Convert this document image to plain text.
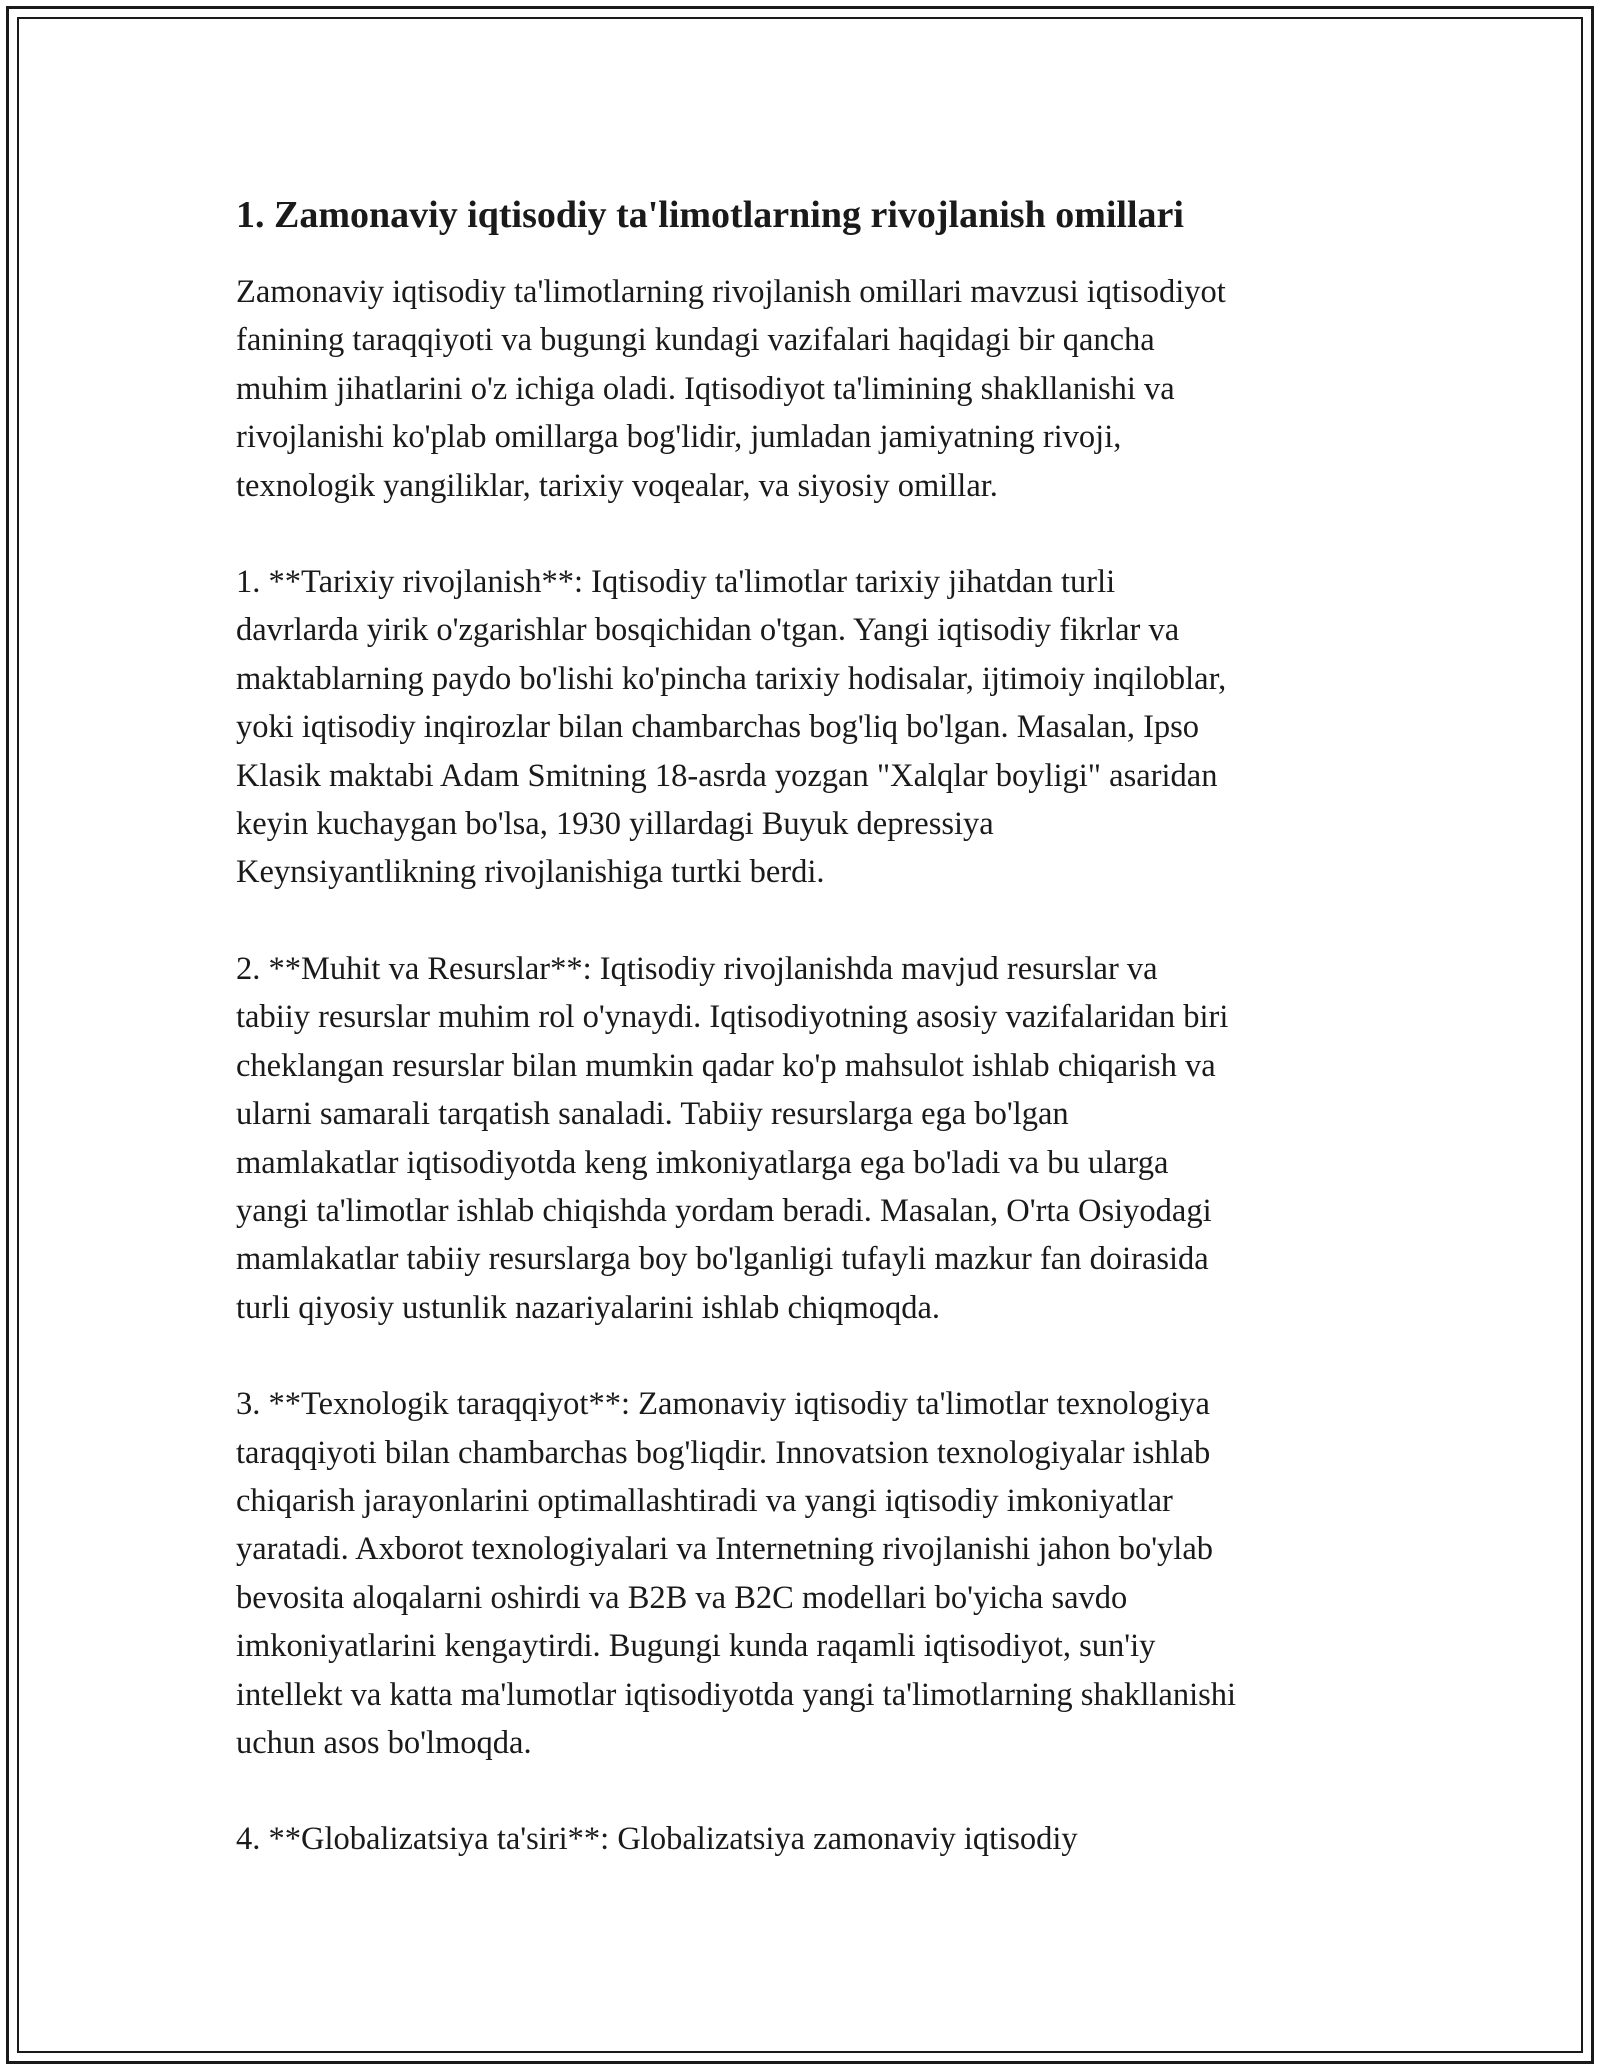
1. Zamonaviy iqtisodiy ta'limotlarning rivojlanish omillari

Zamonaviy iqtisodiy ta'limotlarning rivojlanish omillari mavzusi iqtisodiyot
fanining taraqqiyoti va bugungi kundagi vazifalari haqidagi bir qancha
muhim jihatlarini o'z ichiga oladi. Iqtisodiyot ta'limining shakllanishi va
rivojlanishi ko'plab omillarga bog'lidir, jumladan jamiyatning rivoji,
texnologik yangiliklar, tarixiy voqealar, va siyosiy omillar.

1. **Tarixiy rivojlanish**: Iqtisodiy ta'limotlar tarixiy jihatdan turli
davrlarda yirik o'zgarishlar bosqichidan o'tgan. Yangi iqtisodiy fikrlar va
maktablarning paydo bo'lishi ko'pincha tarixiy hodisalar, ijtimoiy inqiloblar,
yoki iqtisodiy inqirozlar bilan chambarchas bog'liq bo'lgan. Masalan, Ipso
Klasik maktabi Adam Smitning 18-asrda yozgan "Xalqlar boyligi" asaridan
keyin kuchaygan bo'lsa, 1930 yillardagi Buyuk depressiya
Keynsiyantlikning rivojlanishiga turtki berdi.

2. **Muhit va Resurslar**: Iqtisodiy rivojlanishda mavjud resurslar va
tabiiy resurslar muhim rol o'ynaydi. Iqtisodiyotning asosiy vazifalaridan biri
cheklangan resurslar bilan mumkin qadar ko'p mahsulot ishlab chiqarish va
ularni samarali tarqatish sanaladi. Tabiiy resurslarga ega bo'lgan
mamlakatlar iqtisodiyotda keng imkoniyatlarga ega bo'ladi va bu ularga
yangi ta'limotlar ishlab chiqishda yordam beradi. Masalan, O'rta Osiyodagi
mamlakatlar tabiiy resurslarga boy bo'lganligi tufayli mazkur fan doirasida
turli qiyosiy ustunlik nazariyalarini ishlab chiqmoqda.

3. **Texnologik taraqqiyot**: Zamonaviy iqtisodiy ta'limotlar texnologiya
taraqqiyoti bilan chambarchas bog'liqdir. Innovatsion texnologiyalar ishlab
chiqarish jarayonlarini optimallashtiradi va yangi iqtisodiy imkoniyatlar
yaratadi. Axborot texnologiyalari va Internetning rivojlanishi jahon bo'ylab
bevosita aloqalarni oshirdi va B2B va B2C modellari bo'yicha savdo
imkoniyatlarini kengaytirdi. Bugungi kunda raqamli iqtisodiyot, sun'iy
intellekt va katta ma'lumotlar iqtisodiyotda yangi ta'limotlarning shakllanishi
uchun asos bo'lmoqda.

4. **Globalizatsiya ta'siri**: Globalizatsiya zamonaviy iqtisodiy
